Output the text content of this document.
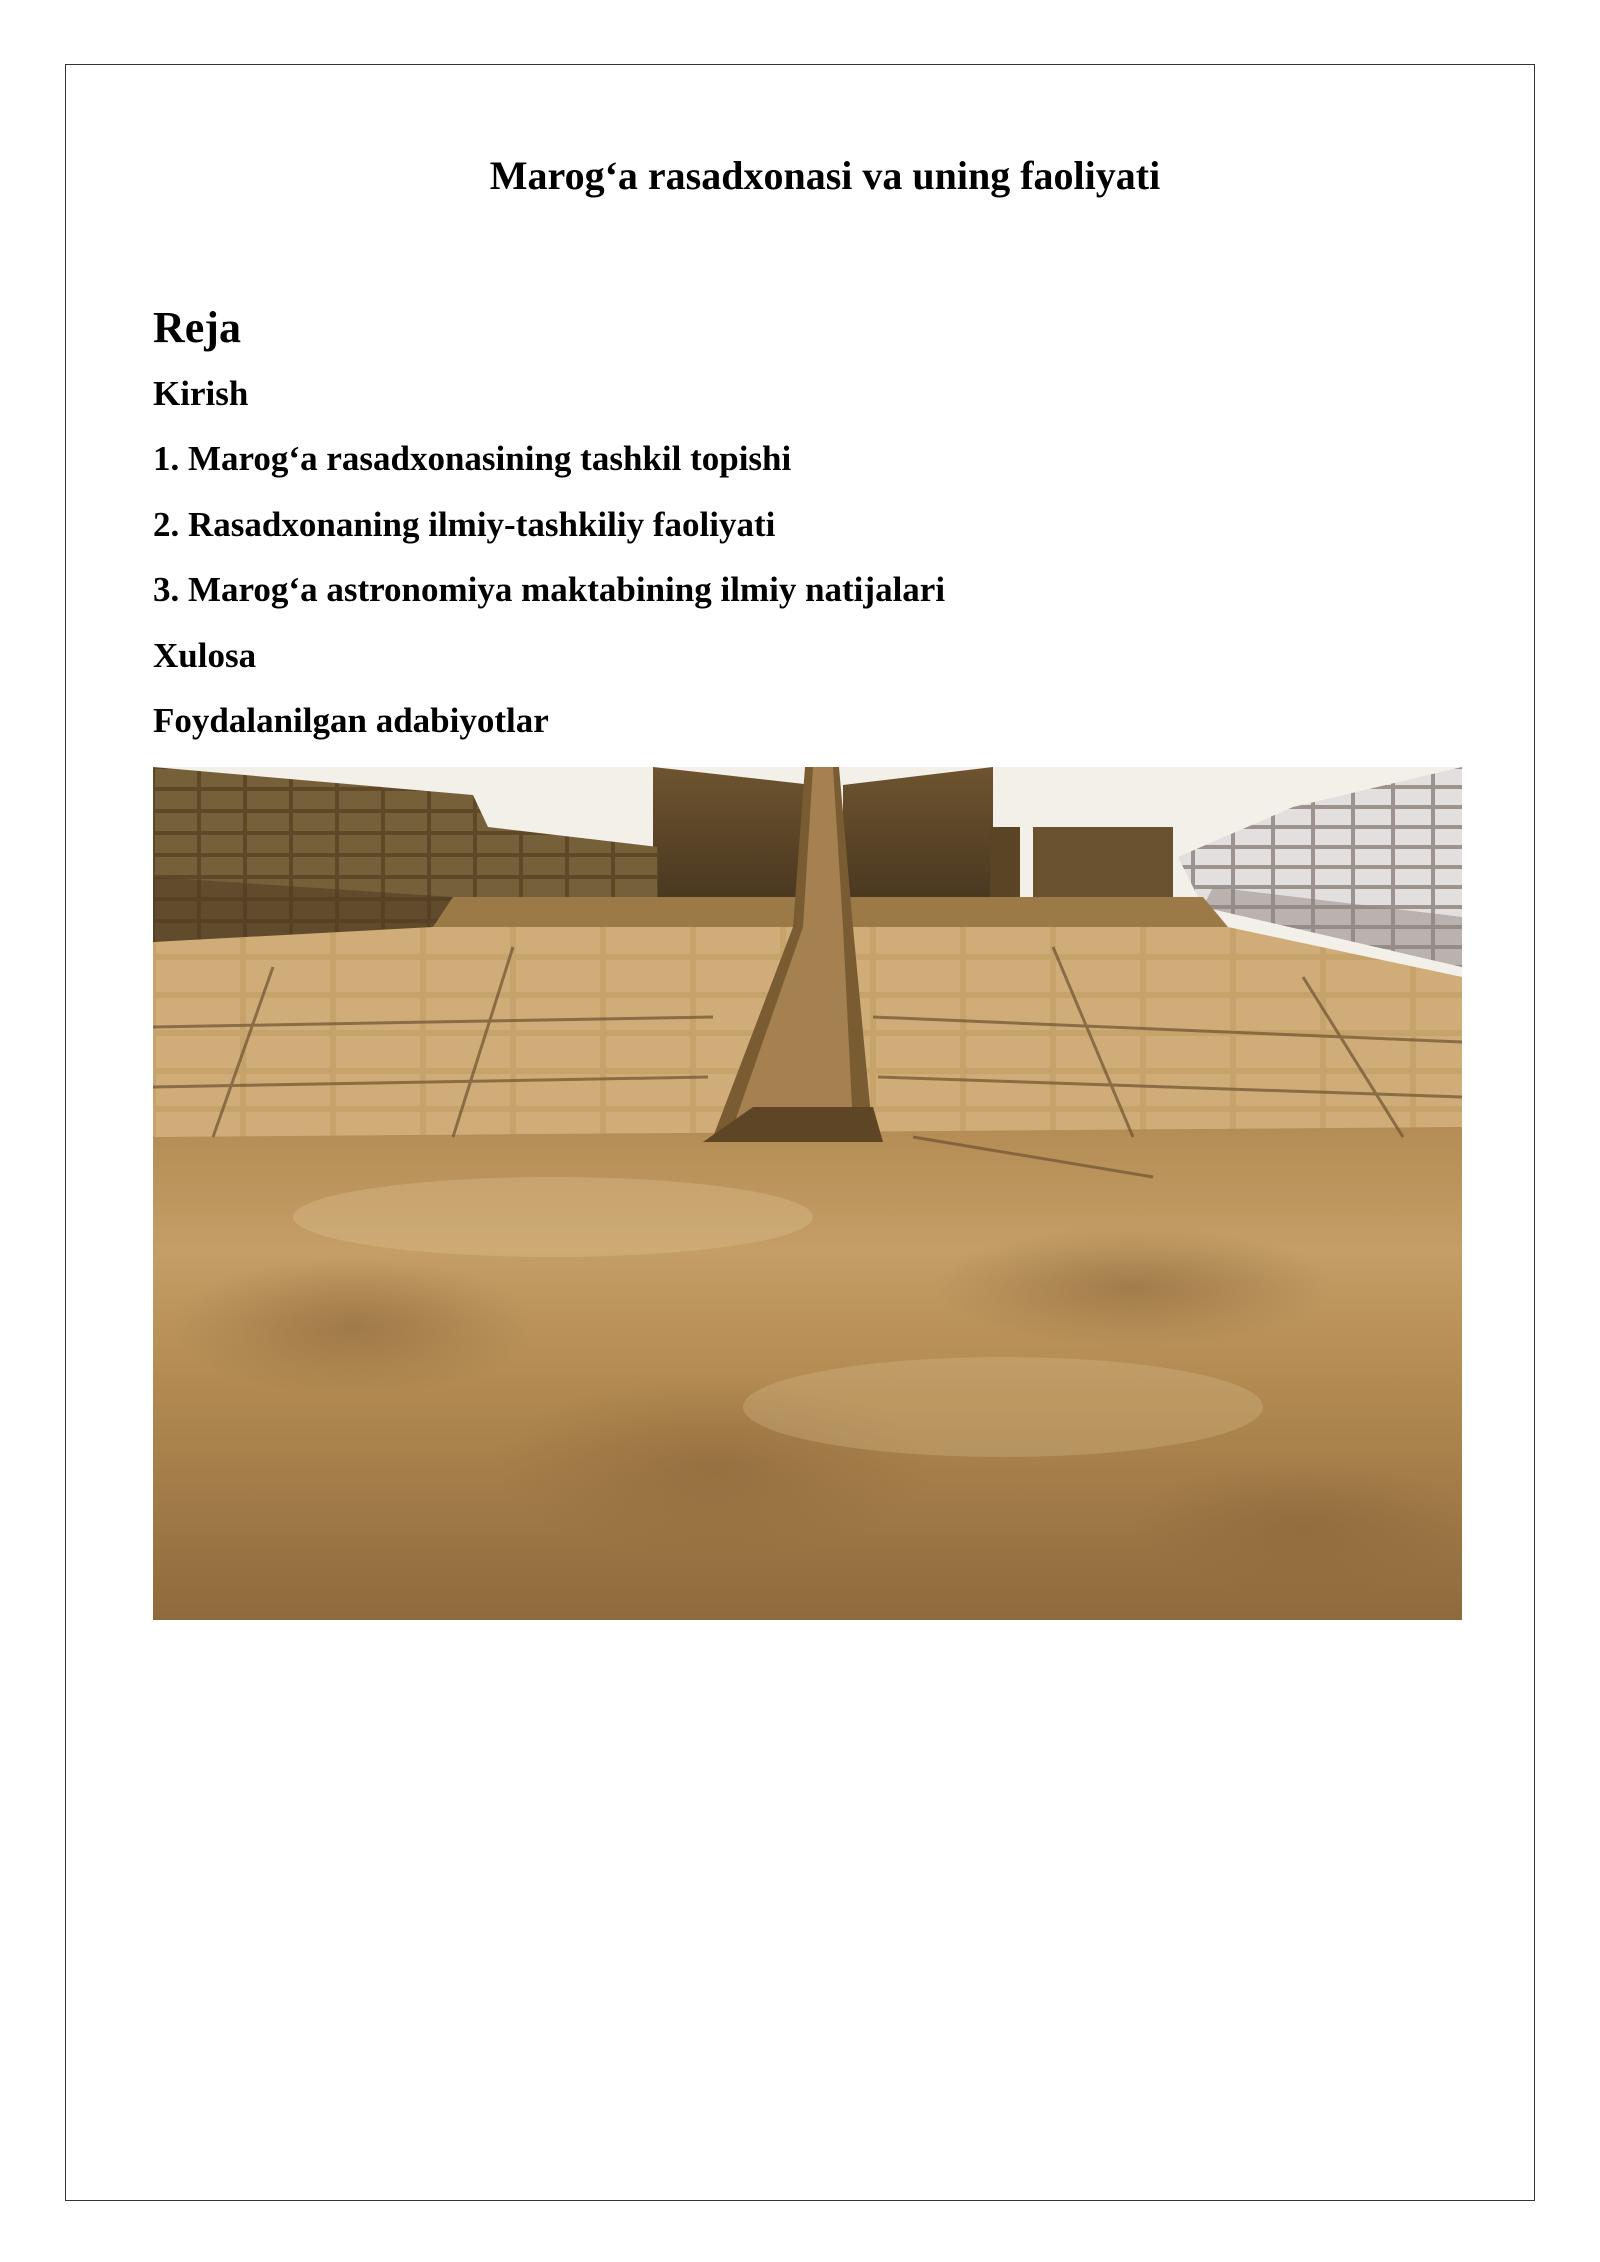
Marog‘a rasadxonasi va uning faoliyati
Reja
Kirish
1. Marog‘a rasadxonasining tashkil topishi
2. Rasadxonaning ilmiy-tashkiliy faoliyati
3. Marog‘a astronomiya maktabining ilmiy natijalari
Xulosa
Foydalanilgan adabiyotlar
